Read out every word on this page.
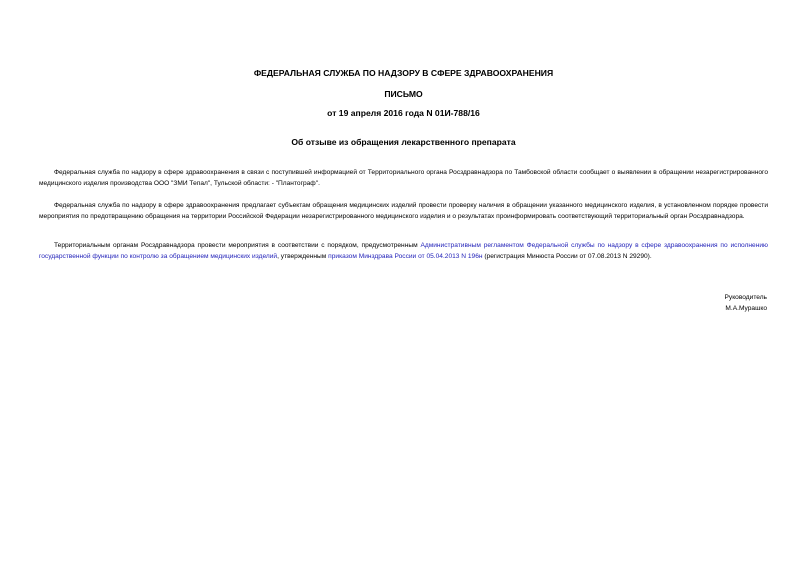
ФЕДЕРАЛЬНАЯ СЛУЖБА ПО НАДЗОРУ В СФЕРЕ ЗДРАВООХРАНЕНИЯ
ПИСЬМО
от 19 апреля 2016 года N 01И-788/16
Об отзыве из обращения лекарственного препарата

Федеральная служба по надзору в сфере здравоохранения в связи с поступившей информацией от Территориального органа Росздравнадзора по Тамбовской области сообщает о выявлении в обращении незарегистрированного медицинского изделия производства ООО "ЗМИ Тепал", Тульской области: - "Плантограф".

Федеральная служба по надзору в сфере здравоохранения предлагает субъектам обращения медицинских изделий провести проверку наличия в обращении указанного медицинского изделия, в установленном порядке провести мероприятия по предотвращению обращения на территории Российской Федерации незарегистрированного медицинского изделия и о результатах проинформировать соответствующий территориальный орган Росздравнадзора.

Территориальным органам Росздравнадзора провести мероприятия в соответствии с порядком, предусмотренным Административным регламентом Федеральной службы по надзору в сфере здравоохранения по исполнению государственной функции по контролю за обращением медицинских изделий, утвержденным приказом Минздрава России от 05.04.2013 N 196н (регистрация Минюста России от 07.08.2013 N 29290).

Руководитель
М.А.Мурашко
